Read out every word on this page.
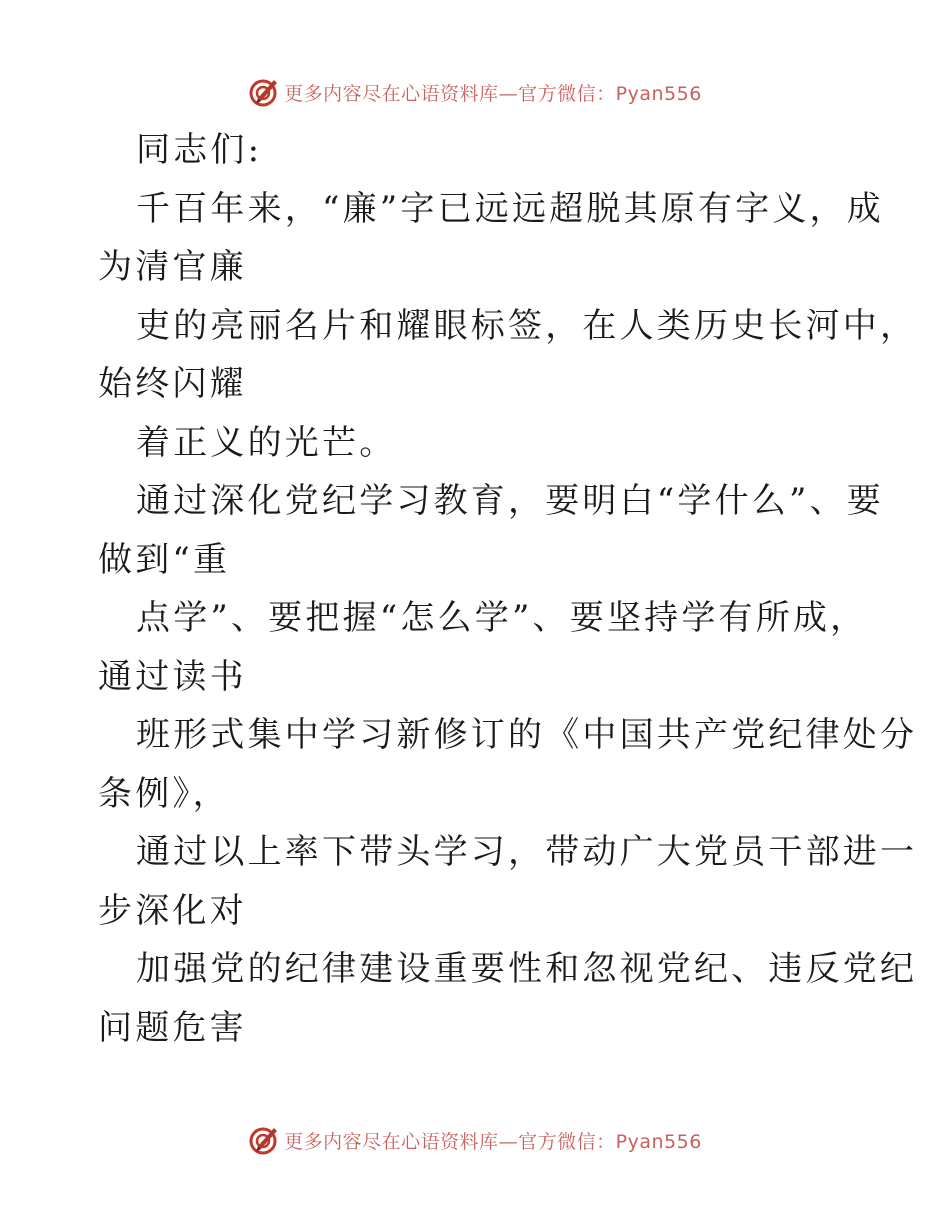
更多内容尽在心语资料库—官方微信：Pyan556
同志们:
千百年来，“廉”字已远远超脱其原有字义，成
为清官廉
吏的亮丽名片和耀眼标签，在人类历史长河中，
始终闪耀
着正义的光芒。
通过深化党纪学习教育，要明白“学什么”、要
做到“重
点学”、要把握“怎么学”、要坚持学有所成，
通过读书
班形式集中学习新修订的《中国共产党纪律处分
条例》，
通过以上率下带头学习，带动广大党员干部进一
步深化对
加强党的纪律建设重要性和忽视党纪、违反党纪
问题危害
更多内容尽在心语资料库—官方微信：Pyan556
